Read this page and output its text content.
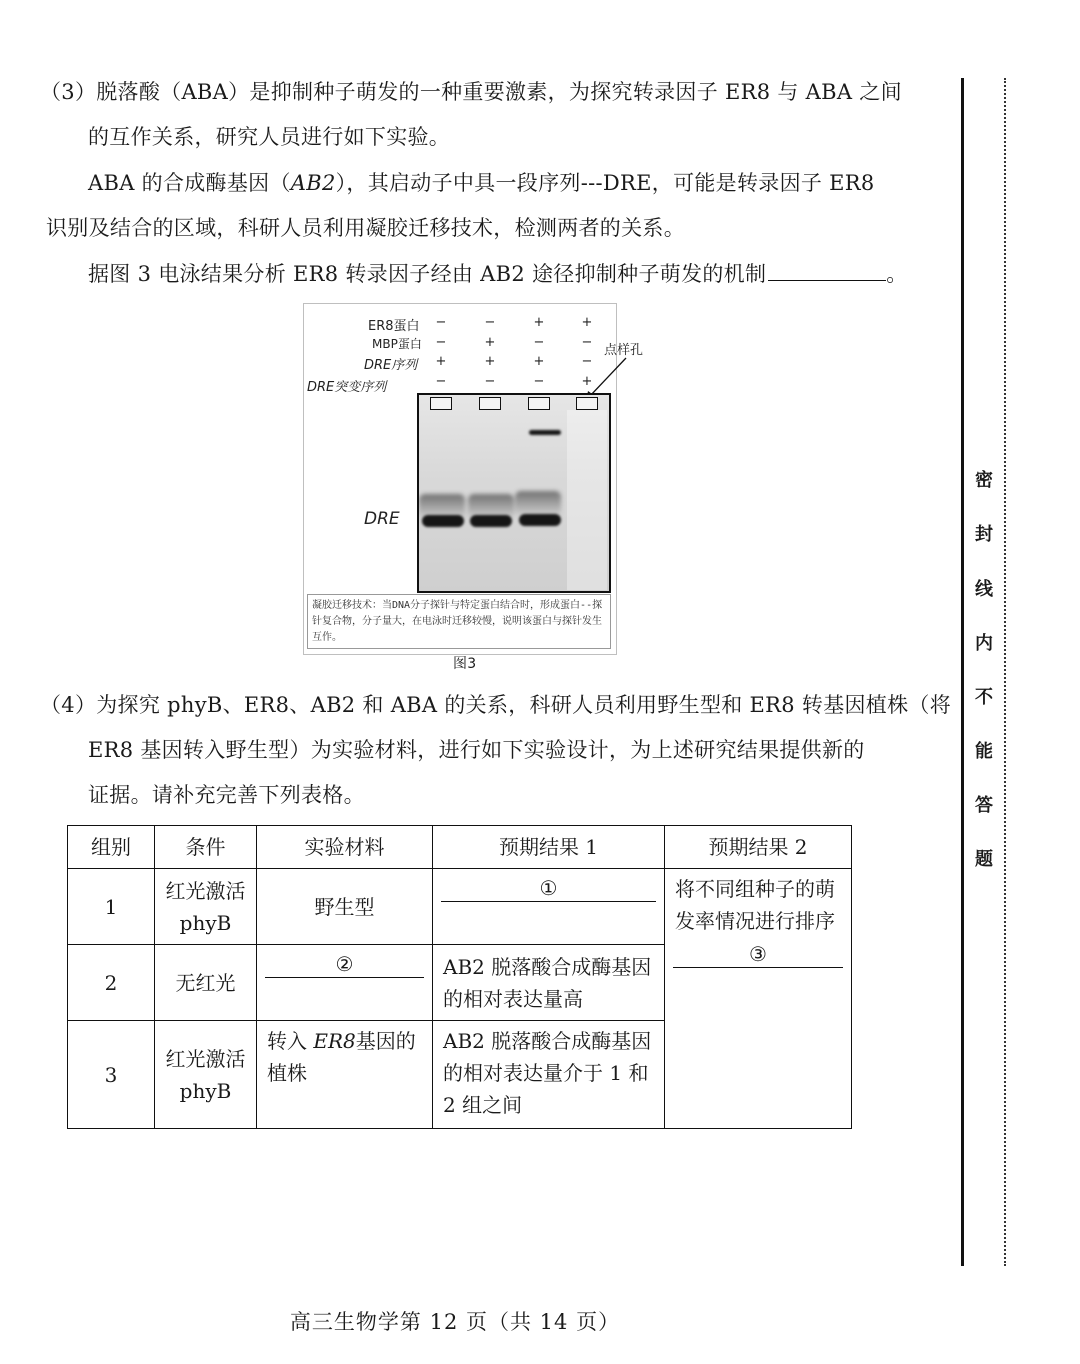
（3）脱落酸（ABA）是抑制种子萌发的一种重要激素，为探究转录因子 ER8 与 ABA 之间
的互作关系，研究人员进行如下实验。
ABA 的合成酶基因（AB2），其启动子中具一段序列---DRE，可能是转录因子 ER8
识别及结合的区域，科研人员利用凝胶迁移技术，检测两者的关系。
据图 3 电泳结果分析 ER8 转录因子经由 AB2 途径抑制种子萌发的机制	。
ER8蛋白
MBP蛋白
DRE序列
DRE突变序列
−	−	+	+
−	+	−	−
+	+	+	−
−	−	−	+
点样孔
DRE
凝胶迁移技术：当DNA分子探针与特定蛋白结合时，形成蛋白--探针复合物，分子量大，在电泳时迁移较慢，说明该蛋白与探针发生互作。
图3
（4）为探究 phyB、ER8、AB2 和 ABA 的关系，科研人员利用野生型和 ER8 转基因植株（将
ER8 基因转入野生型）为实验材料，进行如下实验设计，为上述研究结果提供新的
证据。请补充完善下列表格。
组别	条件	实验材料	预期结果 1	预期结果 2
1	红光激活 phyB	野生型	①	将不同组种子的萌发率情况进行排序
③

2	无红光	②	AB2 脱落酸合成酶基因的相对表达量高	
3	红光激活 phyB	转入 ER8基因的植株	AB2 脱落酸合成酶基因的相对表达量介于 1 和 2 组之间	
密
封
线
内
不
能
答
题
高三生物学第 12 页（共 14 页）
